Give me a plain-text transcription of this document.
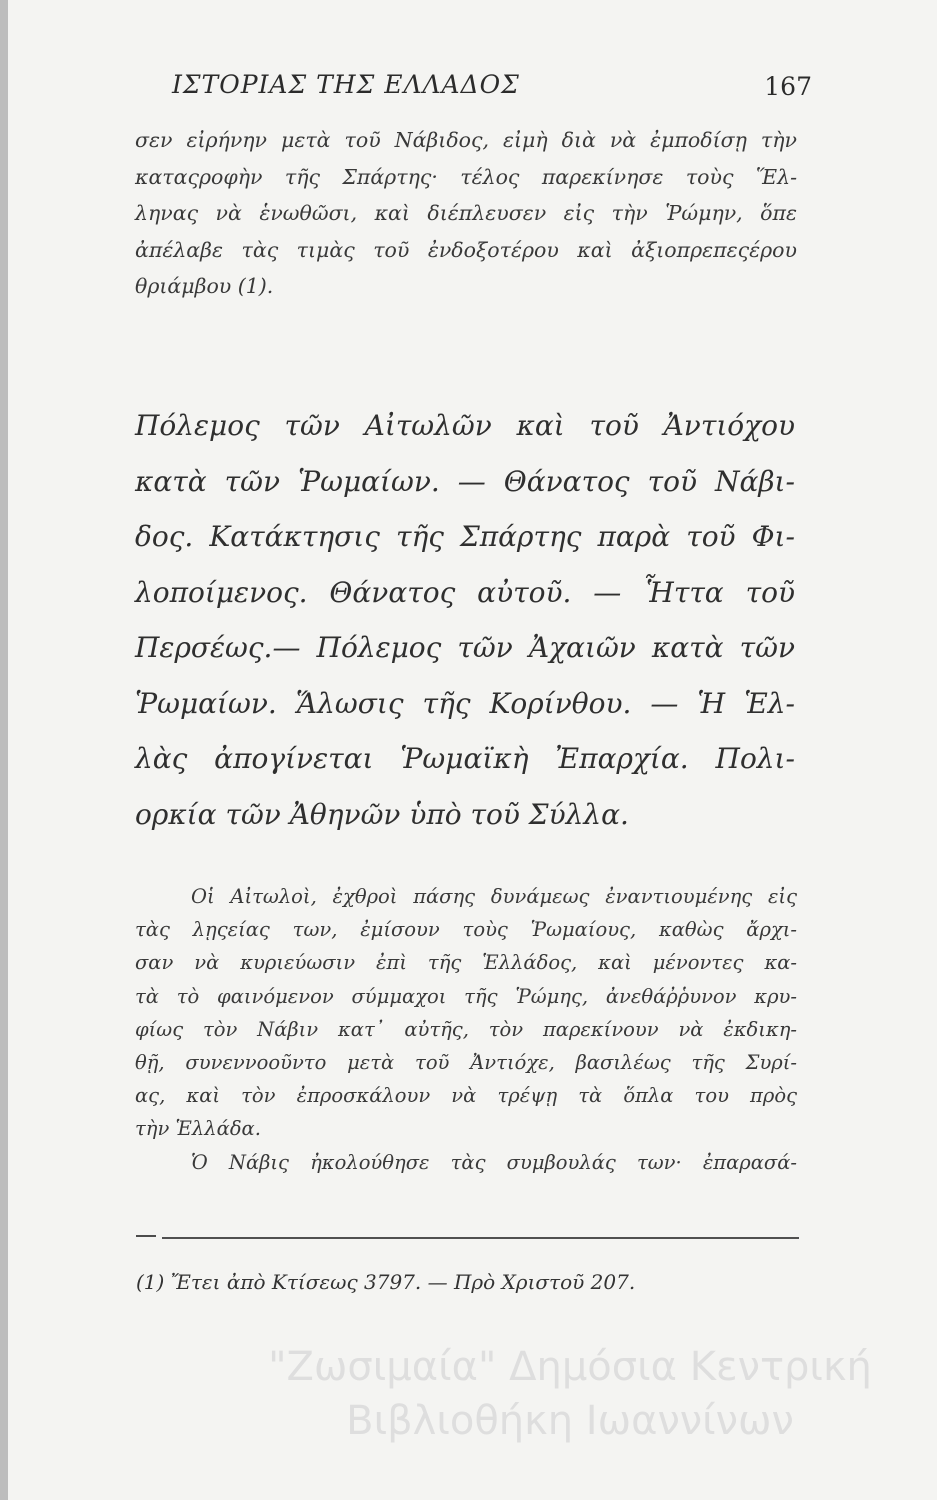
ΙΣΤΟΡΙΑΣ ΤΗΣ ΕΛΛΑΔΟΣ	167
σεν εἰρήνην μετὰ τοῦ Νάβιδος, εἰμὴ διὰ νὰ ἐμποδίσῃ τὴν
καταςροφὴν τῆς Σπάρτης· τέλος παρεκίνησε τοὺς Ἕλ-
ληνας νὰ ἑνωθῶσι, καὶ διέπλευσεν εἰς τὴν Ῥώμην, ὅπε
ἀπέλαβε τὰς τιμὰς τοῦ ἐνδοξοτέρου καὶ ἀξιοπρεπεςέρου
θριάμβου (1).
Πόλεμος τῶν Αἰτωλῶν καὶ τοῦ Ἀντιόχου
κατὰ τῶν Ῥωμαίων. — Θάνατος τοῦ Νάβι-
δος. Κατάκτησις τῆς Σπάρτης παρὰ τοῦ Φι-
λοποίμενος. Θάνατος αὐτοῦ. — Ἧττα τοῦ
Περσέως.— Πόλεμος τῶν Ἀχαιῶν κατὰ τῶν
Ῥωμαίων. Ἅλωσις τῆς Κορίνθου. — Ἡ Ἑλ-
λὰς ἀπογίνεται Ῥωμαϊκὴ Ἐπαρχία. Πολι-
ορκία τῶν Ἀθηνῶν ὑπὸ τοῦ Σύλλα.
Οἱ Αἰτωλοὶ, ἐχθροὶ πάσης δυνάμεως ἐναντιουμένης εἰς
τὰς λῃςείας των, ἐμίσουν τοὺς Ῥωμαίους, καθὼς ἄρχι-
σαν νὰ κυριεύωσιν ἐπὶ τῆς Ἑλλάδος, καὶ μένοντες κα-
τὰ τὸ φαινόμενον σύμμαχοι τῆς Ῥώμης, ἀνεθάῤῥυνον κρυ-
φίως τὸν Νάβιν κατ᾽ αὐτῆς, τὸν παρεκίνουν νὰ ἐκδικη-
θῇ, συνεννοοῦντο μετὰ τοῦ Ἀντιόχε, βασιλέως τῆς Συρί-
ας, καὶ τὸν ἐπροσκάλουν νὰ τρέψῃ τὰ ὅπλα του πρὸς
τὴν Ἑλλάδα.
Ὁ Νάβις ἠκολούθησε τὰς συμβουλάς των· ἐπαρασά-
(1) Ἔτει ἀπὸ Κτίσεως 3797. — Πρὸ Χριστοῦ 207.
"Ζωσιμαία" Δημόσια Κεντρική
Βιβλιοθήκη Ιωαννίνων
